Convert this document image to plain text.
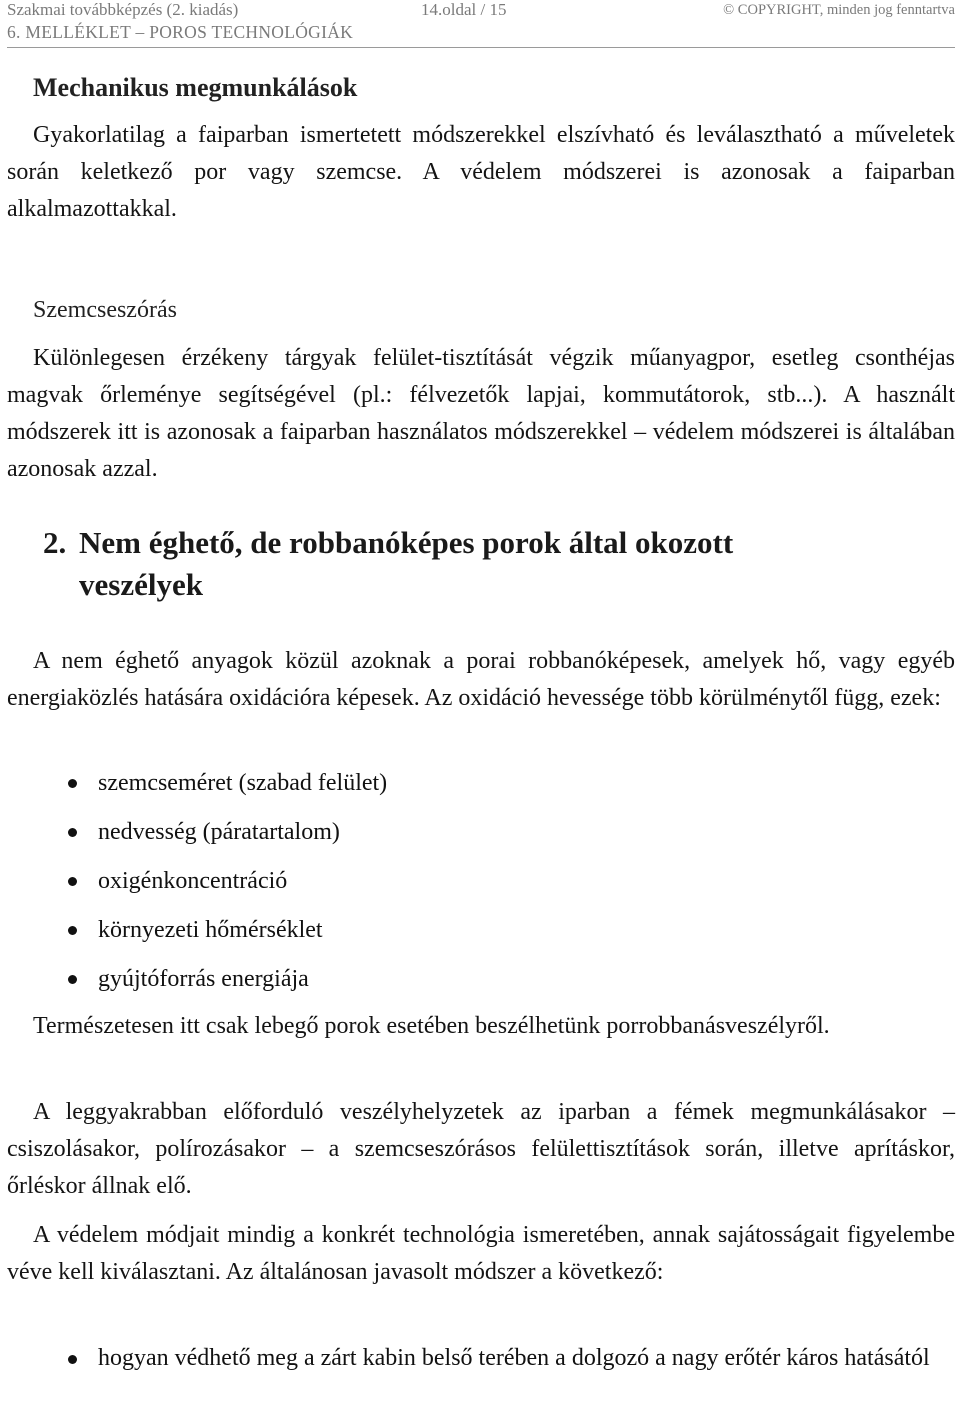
Szakmai továbbképzés (2. kiadás)	14.oldal / 15	© COPYRIGHT, minden jog fenntartva
6. MELLÉKLET – POROS TECHNOLÓGIÁK
Mechanikus megmunkálások
Gyakorlatilag a faiparban ismertetett módszerekkel elszívható és leválasztható a műveletek során keletkező por vagy szemcse. A védelem módszerei is azonosak a faiparban alkalmazottakkal.
Szemcseszórás
Különlegesen érzékeny tárgyak felület-tisztítását végzik műanyagpor, esetleg csonthéjas magvak őrleménye segítségével (pl.: félvezetők lapjai, kommutátorok, stb...). A használt módszerek itt is azonosak a faiparban használatos módszerekkel – védelem módszerei is általában azonosak azzal.
2. Nem éghető, de robbanóképes porok által okozott
veszélyek
A nem éghető anyagok közül azoknak a porai robbanóképesek, amelyek hő, vagy egyéb energiaközlés hatására oxidációra képesek. Az oxidáció hevessége több körülménytől függ, ezek:
szemcseméret (szabad felület)
nedvesség (páratartalom)
oxigénkoncentráció
környezeti hőmérséklet
gyújtóforrás energiája
Természetesen itt csak lebegő porok esetében beszélhetünk porrobbanásveszélyről.
A leggyakrabban előforduló veszélyhelyzetek az iparban a fémek megmunkálásakor – csiszolásakor, polírozásakor – a szemcseszórásos felülettisztítások során, illetve aprításkor, őrléskor állnak elő.
A védelem módjait mindig a konkrét technológia ismeretében, annak sajátosságait figyelembe véve kell kiválasztani. Az általánosan javasolt módszer a következő:
hogyan védhető meg a zárt kabin belső terében a dolgozó a nagy erőtér káros hatásától
